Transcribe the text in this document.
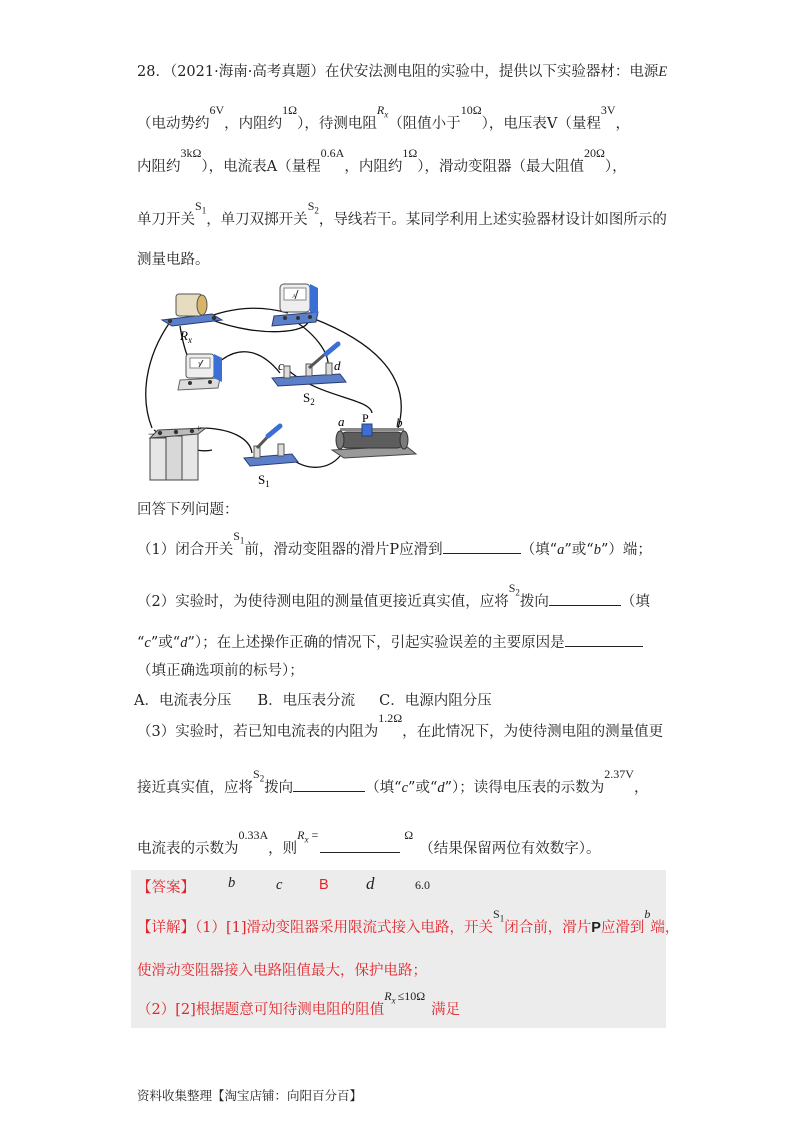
28．（2021·海南·高考真题）在伏安法测电阻的实验中，提供以下实验器材：电源E
（电动势约$^{6V}$，内阻约$^{1\Omega}$），待测电阻$^{R_x}$（阻值小于$^{10\Omega}$），电压表V（量程$^{3V}$，
内阻约$^{3k\Omega}$），电流表A（量程$^{0.6A}$，内阻约$^{1\Omega}$），滑动变阻器（最大阻值$^{20\Omega}$），
单刀开关$^{S_1}$，单刀双掷开关$^{S_2}$，导线若干。某同学利用上述实验器材设计如图所示的
测量电路。
$R_x$
A
V	c	d
$S_2$
−	+
$S_1$
a P b
回答下列问题：
（1）闭合开关$^{S_1}$前，滑动变阻器的滑片P应滑到	（填“a”或“b”）端；
（2）实验时，为使待测电阻的测量值更接近真实值，应将$^{S_2}$拨向	（填
“c”或“d”）；在上述操作正确的情况下，引起实验误差的主要原因是
（填正确选项前的标号）；
A．电流表分压 B．电压表分流 C．电源内阻分压
（3）实验时，若已知电流表的内阻为$^{1.2\Omega}$，在此情况下，为使待测电阻的测量值更
接近真实值，应将$^{S_2}$拨向	（填“c”或“d”）；读得电压表的示数为$^{2.37V}$，
电流表的示数为$^{0.33A}$，则$^{R_x}$ =	$^\Omega$（结果保留两位有效数字）。
【答案】 b	c	B d	6.0
【详解】（1）[1]滑动变阻器采用限流式接入电路，开关$^{S_1}$闭合前，滑片P应滑到$^b$端，
使滑动变阻器接入电路阻值最大，保护电路；
（2）[2]根据题意可知待测电阻的阻值$^{R_x}$ $^{\le 10\Omega}$满足
资料收集整理【淘宝店铺：向阳百分百】
